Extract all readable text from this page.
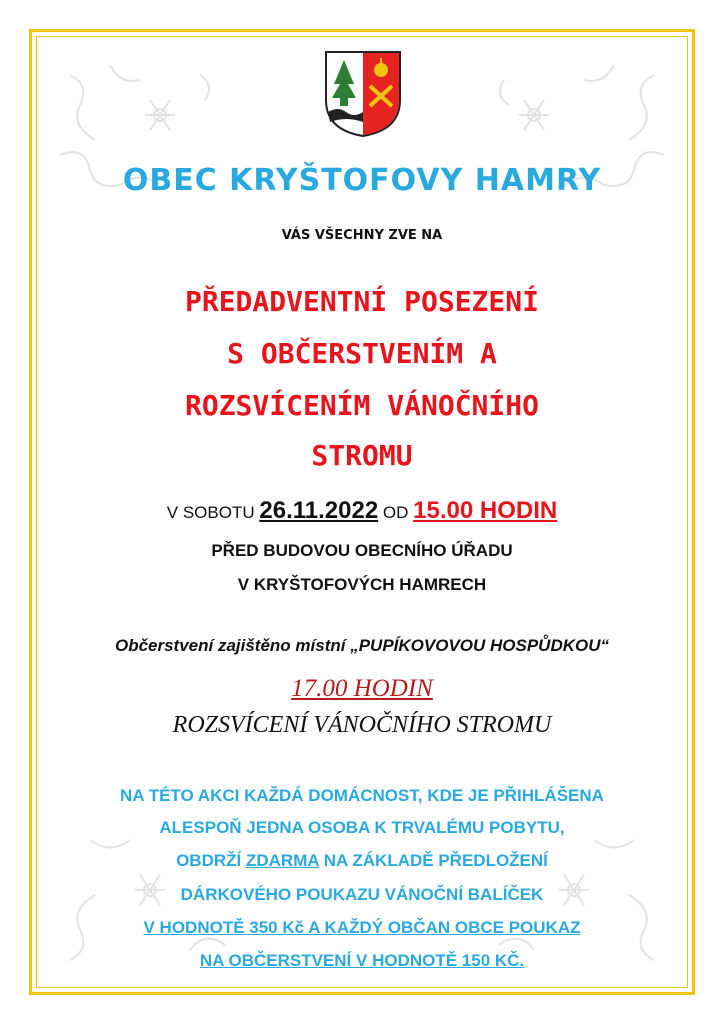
OBEC KRYŠTOFOVY HAMRY
VÁS VŠECHNY ZVE NA
PŘEDADVENTNÍ POSEZENÍ
S OBČERSTVENÍM A
ROZSVÍCENÍM VÁNOČNÍHO
STROMU
V SOBOTU 26.11.2022 OD 15.00 HODIN
PŘED BUDOVOU OBECNÍHO ÚŘADU
V KRYŠTOFOVÝCH HAMRECH
Občerstvení zajištěno místní „PUPÍKOVOVOU HOSPŮDKOU“
17.00 HODIN
ROZSVÍCENÍ VÁNOČNÍHO STROMU
NA TÉTO AKCI KAŽDÁ DOMÁCNOST, KDE JE PŘIHLÁŠENA
ALESPOŇ JEDNA OSOBA K TRVALÉMU POBYTU,
OBDRŽÍ ZDARMA NA ZÁKLADĚ PŘEDLOŽENÍ
DÁRKOVÉHO POUKAZU VÁNOČNÍ BALÍČEK
V HODNOTĚ 350 Kč A KAŽDÝ OBČAN OBCE POUKAZ
NA OBČERSTVENÍ V HODNOTĚ 150 KČ.
